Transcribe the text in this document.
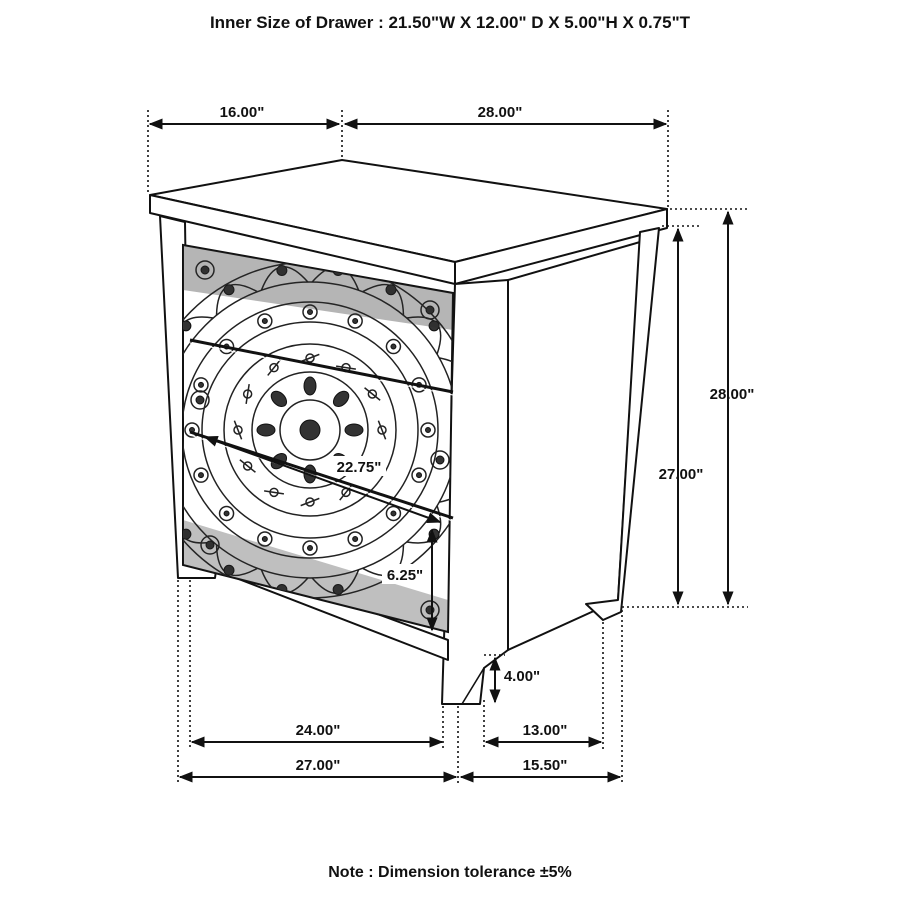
Inner Size of Drawer : 21.50"W X 12.00" D X 5.00"H X 0.75"T
16.00"	28.00"
28.00"
27.00"
22.75"
6.25"
4.00"
24.00"
27.00"
13.00"
15.50"
Note : Dimension tolerance ±5%
